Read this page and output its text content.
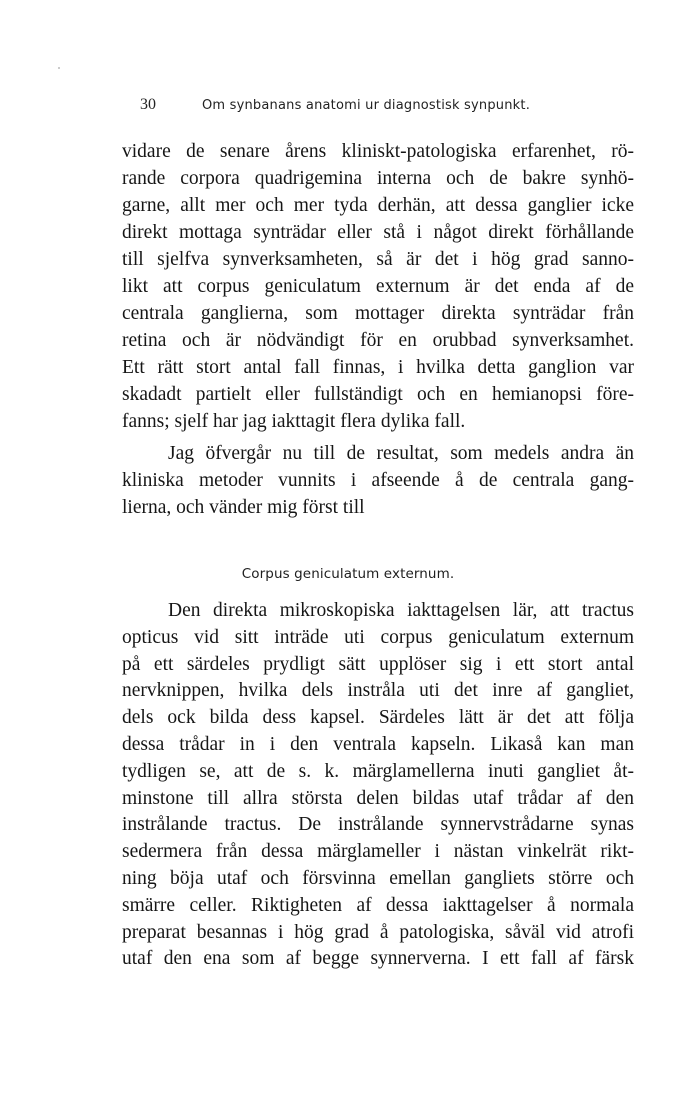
30	Om synbanans anatomi ur diagnostisk synpunkt.
vidare de senare årens kliniskt-patologiska erfarenhet, rö-
rande corpora quadrigemina interna och de bakre synhö-
garne, allt mer och mer tyda derhän, att dessa ganglier icke
direkt mottaga synträdar eller stå i något direkt förhållande
till sjelfva synverksamheten, så är det i hög grad sanno-
likt att corpus geniculatum externum är det enda af de
centrala ganglierna, som mottager direkta synträdar från
retina och är nödvändigt för en orubbad synverksamhet.
Ett rätt stort antal fall finnas, i hvilka detta ganglion var
skadadt partielt eller fullständigt och en hemianopsi före-
fanns; sjelf har jag iakttagit flera dylika fall.
Jag öfvergår nu till de resultat, som medels andra än
kliniska metoder vunnits i afseende å de centrala gang-
lierna, och vänder mig först till
Corpus geniculatum externum.
Den direkta mikroskopiska iakttagelsen lär, att tractus
opticus vid sitt inträde uti corpus geniculatum externum
på ett särdeles prydligt sätt upplöser sig i ett stort antal
nervknippen, hvilka dels instråla uti det inre af gangliet,
dels ock bilda dess kapsel. Särdeles lätt är det att följa
dessa trådar in i den ventrala kapseln. Likaså kan man
tydligen se, att de s. k. märglamellerna inuti gangliet åt-
minstone till allra största delen bildas utaf trådar af den
instrålande tractus. De instrålande synnervstrådarne synas
sedermera från dessa märglameller i nästan vinkelrät rikt-
ning böja utaf och försvinna emellan gangliets större och
smärre celler. Riktigheten af dessa iakttagelser å normala
preparat besannas i hög grad å patologiska, såväl vid atrofi
utaf den ena som af begge synnerverna. I ett fall af färsk
